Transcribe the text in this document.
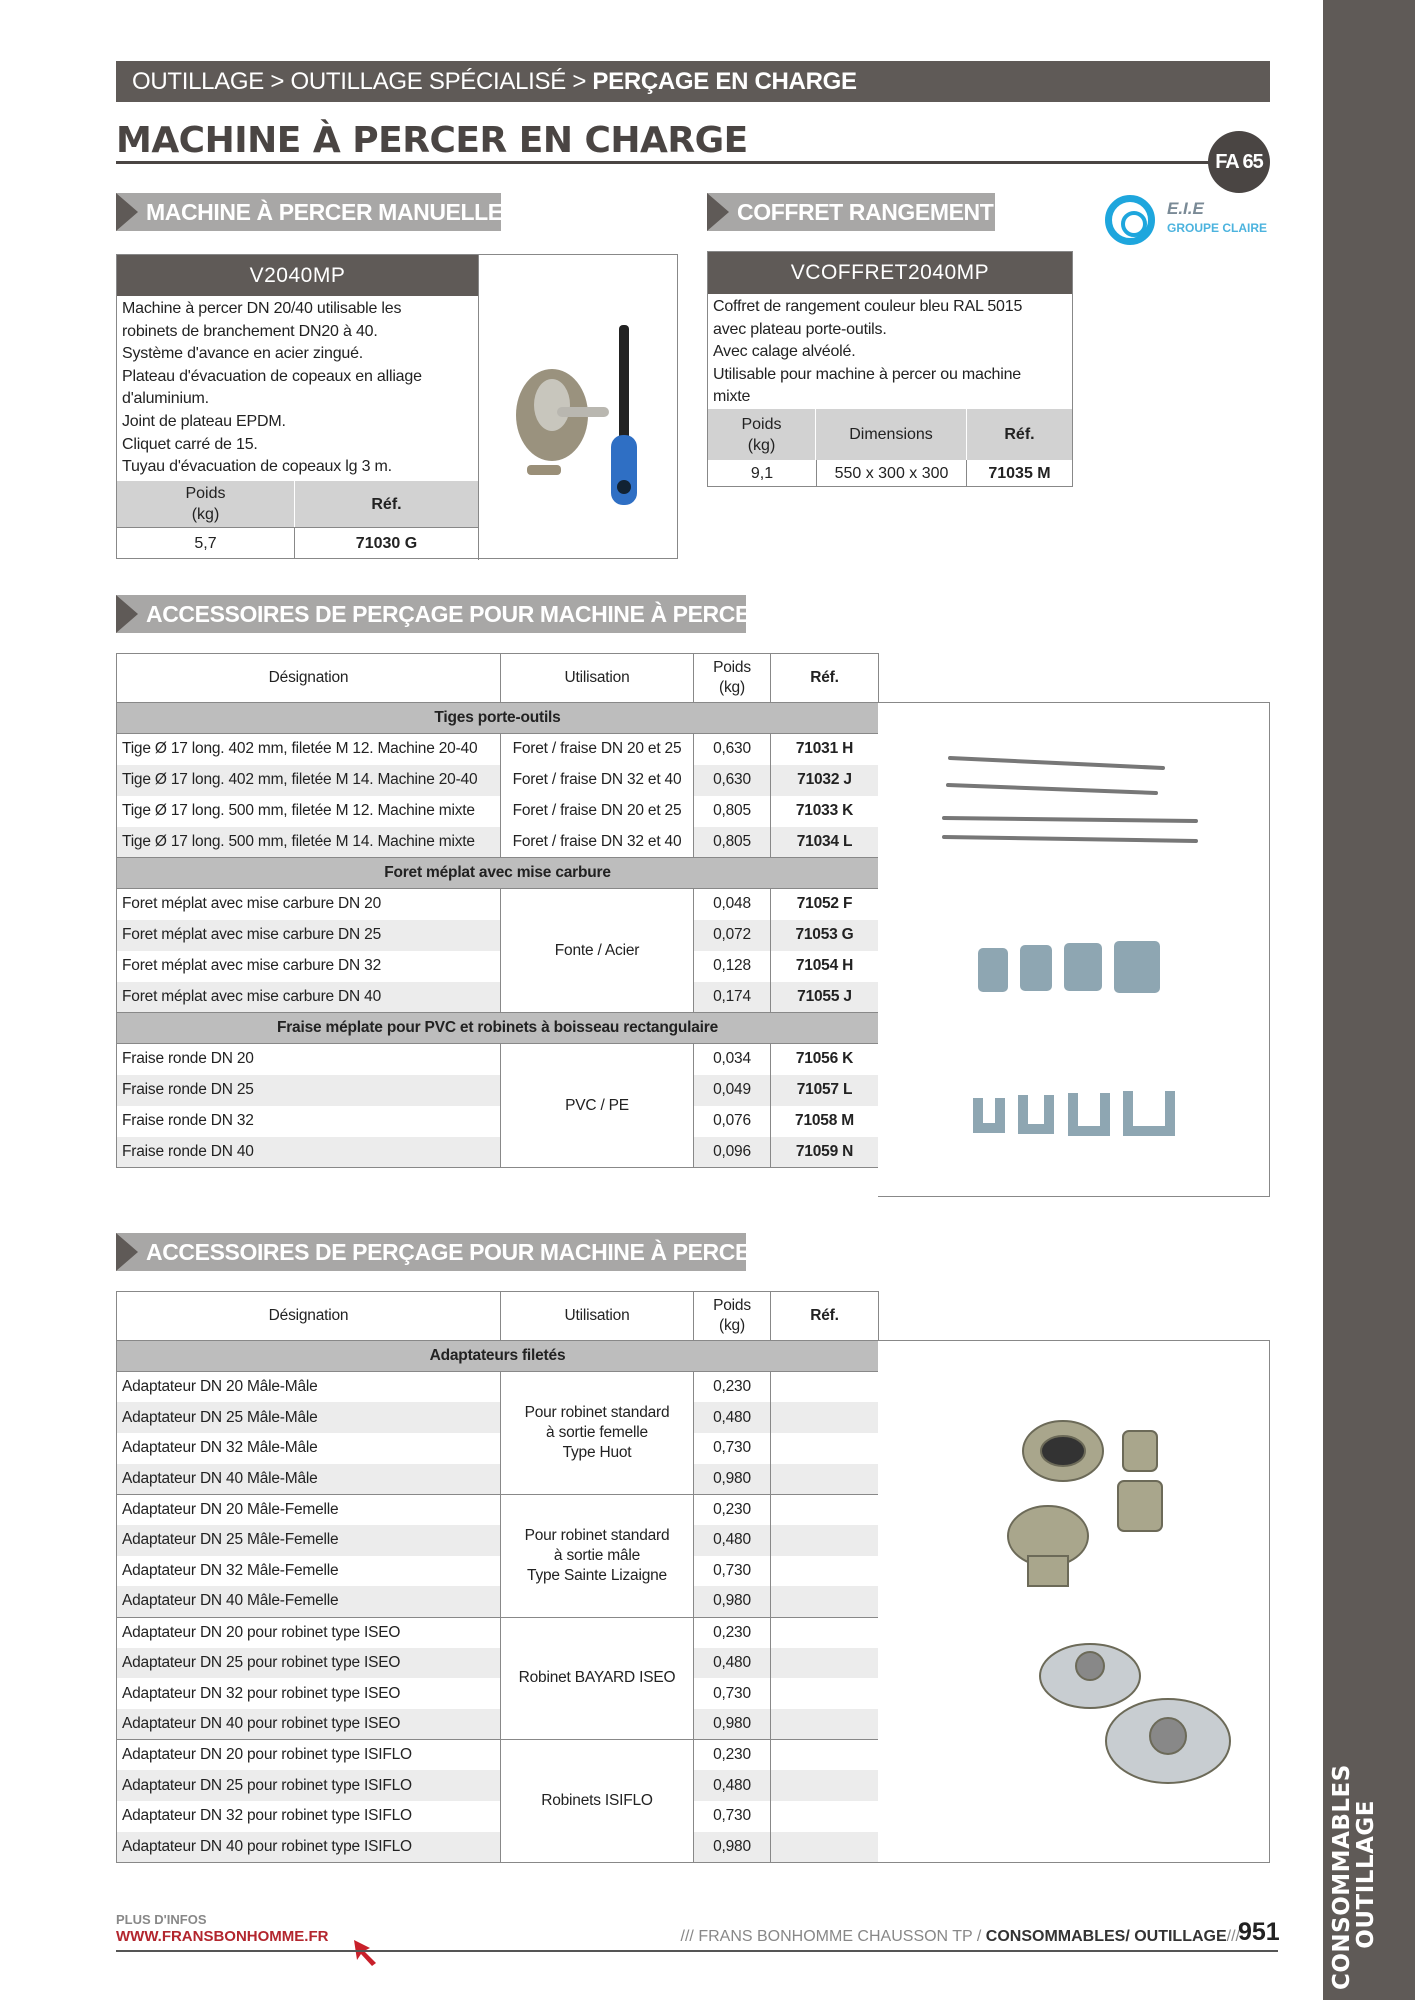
OUTILLAGE > OUTILLAGE SPÉCIALISÉ > PERÇAGE EN CHARGE
MACHINE À PERCER EN CHARGE
FA 65
MACHINE À PERCER MANUELLE	COFFRET RANGEMENT	E.I.E
GROUPE CLAIRE
V2040MP
Machine à percer DN 20/40 utilisable les
robinets de branchement DN20 à 40.
Système d'avance en acier zingué.
Plateau d'évacuation de copeaux en alliage
d'aluminium.
Joint de plateau EPDM.
Cliquet carré de 15.
Tuyau d'évacuation de copeaux lg 3 m.
Poids
(kg)
Réf.
5,7	71030 G
VCOFFRET2040MP
Coffret de rangement couleur bleu RAL 5015
avec plateau porte-outils.
Avec calage alvéolé.
Utilisable pour machine à percer ou machine
mixte
Poids
(kg)
Dimensions	Réf.
9,1	550 x 300 x 300	71035 M
ACCESSOIRES DE PERÇAGE POUR MACHINE À PERCER
Désignation	Utilisation	Poids
(kg)	Réf.
Tiges porte-outils			
Tige Ø 17 long. 402 mm, filetée M 12. Machine 20-40	Foret / fraise DN 20 et 25	0,630	71031 H
Tige Ø 17 long. 402 mm, filetée M 14. Machine 20-40	Foret / fraise DN 32 et 40	0,630	71032 J
Tige Ø 17 long. 500 mm, filetée M 12. Machine mixte	Foret / fraise DN 20 et 25	0,805	71033 K
Tige Ø 17 long. 500 mm, filetée M 14. Machine mixte	Foret / fraise DN 32 et 40	0,805	71034 L
Foret méplat avec mise carbure			
Foret méplat avec mise carbure DN 20	Fonte / Acier	0,048	71052 F
Foret méplat avec mise carbure DN 25		0,072	71053 G
Foret méplat avec mise carbure DN 32		0,128	71054 H
Foret méplat avec mise carbure DN 40		0,174	71055 J
Fraise méplate pour PVC et robinets à boisseau rectangulaire			
Fraise ronde DN 20	PVC / PE	0,034	71056 K
Fraise ronde DN 25		0,049	71057 L
Fraise ronde DN 32		0,076	71058 M
Fraise ronde DN 40		0,096	71059 N
ACCESSOIRES DE PERÇAGE POUR MACHINE À PERCER
Désignation	Utilisation	Poids
(kg)	Réf.
Adaptateurs filetés			
Adaptateur DN 20 Mâle-Mâle	Pour robinet standard
à sortie femelle
Type Huot	0,230	
Adaptateur DN 25 Mâle-Mâle		0,480	
Adaptateur DN 32 Mâle-Mâle		0,730	
Adaptateur DN 40 Mâle-Mâle		0,980	
Adaptateur DN 20 Mâle-Femelle	Pour robinet standard
à sortie mâle
Type Sainte Lizaigne	0,230	
Adaptateur DN 25 Mâle-Femelle		0,480	
Adaptateur DN 32 Mâle-Femelle		0,730	
Adaptateur DN 40 Mâle-Femelle		0,980	
Adaptateur DN 20 pour robinet type ISEO	Robinet BAYARD ISEO	0,230	
Adaptateur DN 25 pour robinet type ISEO		0,480	
Adaptateur DN 32 pour robinet type ISEO		0,730	
Adaptateur DN 40 pour robinet type ISEO		0,980	
Adaptateur DN 20 pour robinet type ISIFLO	Robinets ISIFLO	0,230	
Adaptateur DN 25 pour robinet type ISIFLO		0,480	
Adaptateur DN 32 pour robinet type ISIFLO		0,730	
Adaptateur DN 40 pour robinet type ISIFLO		0,980		CONSOMMABLES
OUTILLAGE
PLUS D'INFOS
WWW.FRANSBONHOMME.FR	/// FRANS BONHOMME CHAUSSON TP / CONSOMMABLES/ OUTILLAGE///
951
